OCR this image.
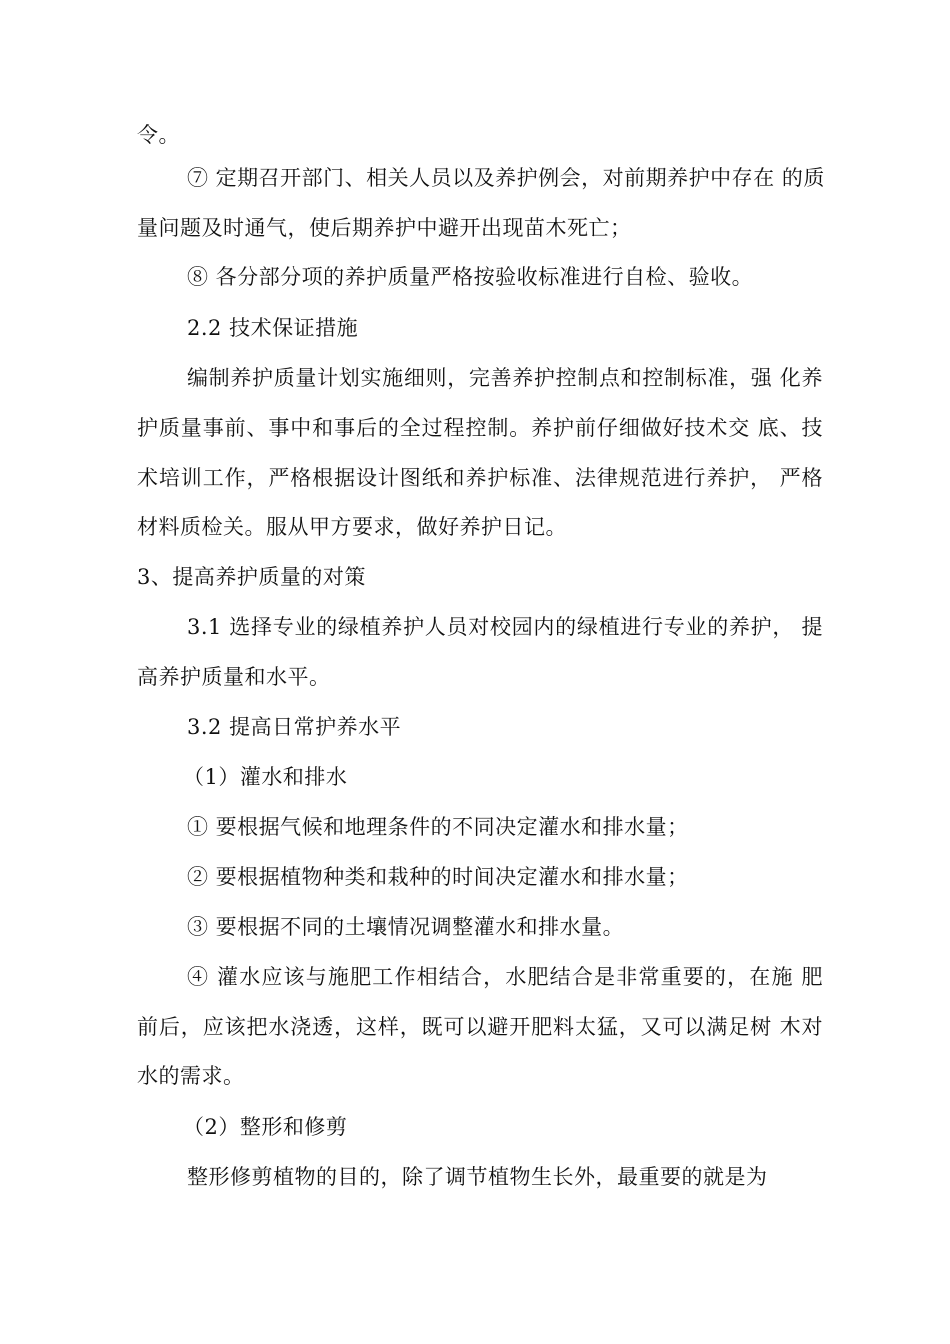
令。
⑦ 定期召开部门、相关人员以及养护例会，对前期养护中存在 的质
量问题及时通气，使后期养护中避开出现苗木死亡；
⑧ 各分部分项的养护质量严格按验收标准进行自检、验收。
2.2 技术保证措施
编制养护质量计划实施细则，完善养护控制点和控制标准，强 化养
护质量事前、事中和事后的全过程控制。养护前仔细做好技术交 底、技
术培训工作，严格根据设计图纸和养护标准、法律规范进行养护， 严格
材料质检关。服从甲方要求，做好养护日记。
3、提高养护质量的对策
3.1 选择专业的绿植养护人员对校园内的绿植进行专业的养护， 提
高养护质量和水平。
3.2 提高日常护养水平
（1）灌水和排水
① 要根据气候和地理条件的不同决定灌水和排水量；
② 要根据植物种类和栽种的时间决定灌水和排水量；
③ 要根据不同的土壤情况调整灌水和排水量。
④ 灌水应该与施肥工作相结合，水肥结合是非常重要的，在施 肥
前后，应该把水浇透，这样，既可以避开肥料太猛，又可以满足树 木对
水的需求。
（2）整形和修剪
整形修剪植物的目的，除了调节植物生长外，最重要的就是为
